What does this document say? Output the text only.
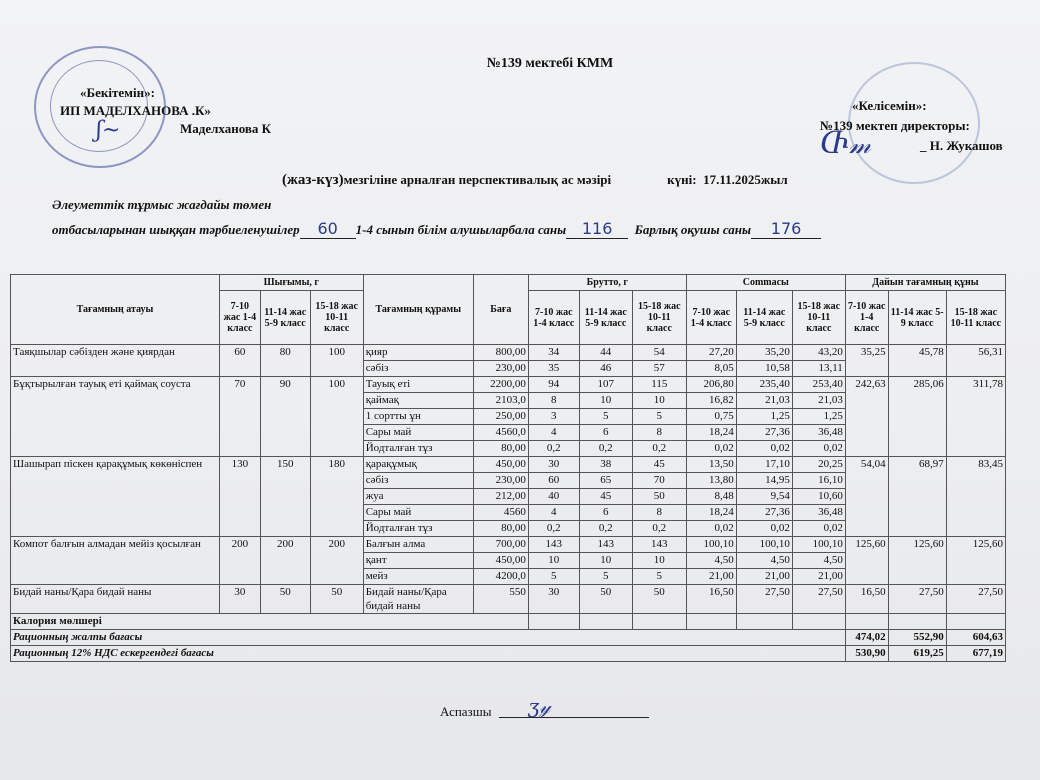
№139 мектебі КММ
«Бекітемін»:
ИП МАДЕЛХАНОВА .К»
Маделханова К
«Келісемін»:
№139 мектеп директоры:
_ Н. Жукашов
ʃ~	Ⴇ𝓂
(жаз-күз)мезгіліне арналған перспективалық ас мәзірі	күні: 17.11.2025жыл
Әлеуметтік тұрмыс жағдайы төмен
отбасыларынан шыққан тәрбиеленушілер 60 1-4 сынып білім алушыларбала саны 116 Барлық оқушы саны 176
Тағамның атауы	Шығымы, г			Тағамның құрамы	Баға	Брутто, г			Сommасы			Дайын тағамның құны		
	7-10 жас 1-4 класс	11-14 жас 5-9 класс	15-18 жас 10-11 класс			7-10 жас 1-4 класс	11-14 жас 5-9 класс	15-18 жас 10-11 класс	7-10 жас 1-4 класс	11-14 жас 5-9 класс	15-18 жас 10-11 класс	7-10 жас 1-4 класс	11-14 жас 5-9 класс	15-18 жас 10-11 класс
Таяқшылар сәбізден және қиярдан	60	80	100	қияр	800,00	34	44	54	27,20	35,20	43,20	35,25	45,78	56,31
				сәбіз	230,00	35	46	57	8,05	10,58	13,11			
Бұқтырылған тауық еті қаймақ соуста	70	90	100	Тауық еті	2200,00	94	107	115	206,80	235,40	253,40	242,63	285,06	311,78
				қаймақ	2103,0	8	10	10	16,82	21,03	21,03			
				1 сортты ұн	250,00	3	5	5	0,75	1,25	1,25			
				Сары май	4560,0	4	6	8	18,24	27,36	36,48			
				Йодталған тұз	80,00	0,2	0,2	0,2	0,02	0,02	0,02			
Шашырап піскен қарақұмық көкөніспен	130	150	180	қарақұмық	450,00	30	38	45	13,50	17,10	20,25	54,04	68,97	83,45
				сәбіз	230,00	60	65	70	13,80	14,95	16,10			
				жуа	212,00	40	45	50	8,48	9,54	10,60			
				Сары май	4560	4	6	8	18,24	27,36	36,48			
				Йодталған тұз	80,00	0,2	0,2	0,2	0,02	0,02	0,02			
Компот балғын алмадан мейіз қосылған	200	200	200	Балғын алма	700,00	143	143	143	100,10	100,10	100,10	125,60	125,60	125,60
				қант	450,00	10	10	10	4,50	4,50	4,50			
				мейз	4200,0	5	5	5	21,00	21,00	21,00			
Бидай наны/Қара бидай наны	30	50	50	Бидай наны/Қара бидай наны	550	30	50	50	16,50	27,50	27,50	16,50	27,50	27,50
Калория мөлшері														
Рационның жалпы бағасы												474,02	552,90	604,63
Рационның 12% НДС ескергендегі бағасы												530,90	619,25	677,19
Аспазшы	ʒ𝓎
